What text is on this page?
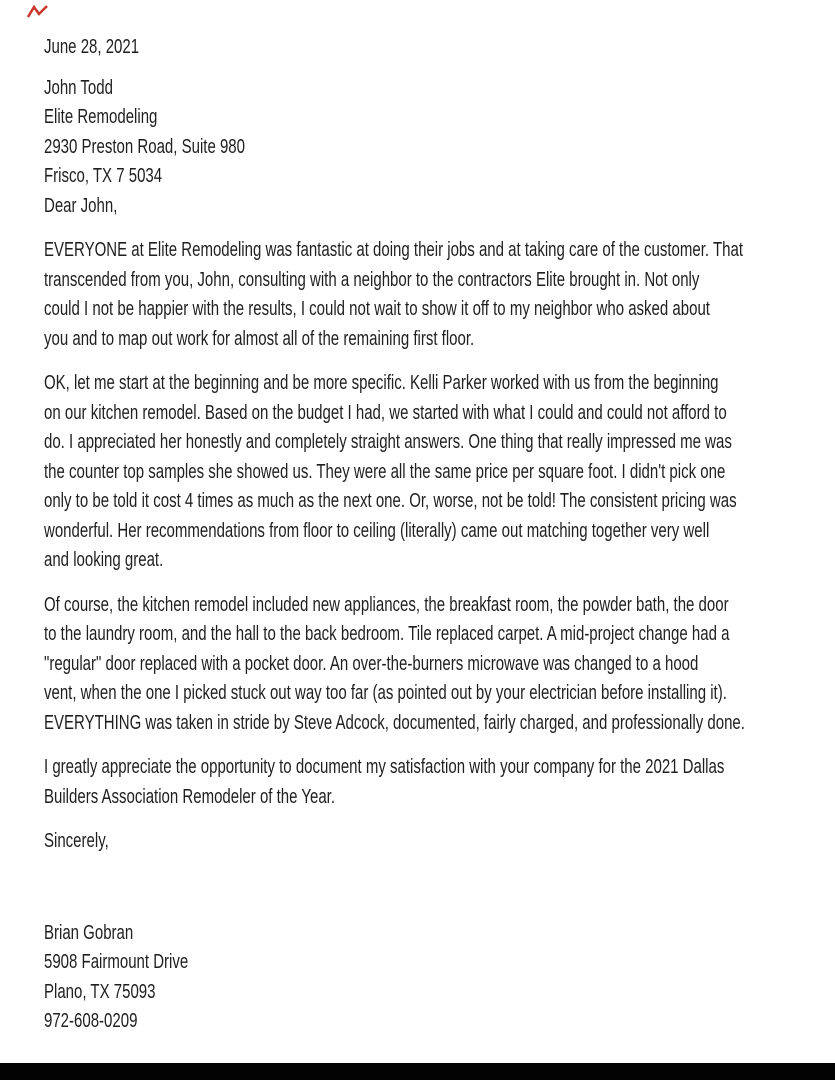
June 28, 2021
John Todd
Elite Remodeling
2930 Preston Road, Suite 980
Frisco, TX 7 5034
Dear John,
EVERYONE at Elite Remodeling was fantastic at doing their jobs and at taking care of the customer. That
transcended from you, John, consulting with a neighbor to the contractors Elite brought in. Not only
could I not be happier with the results, I could not wait to show it off to my neighbor who asked about
you and to map out work for almost all of the remaining first floor.
OK, let me start at the beginning and be more specific. Kelli Parker worked with us from the beginning
on our kitchen remodel. Based on the budget I had, we started with what I could and could not afford to
do. I appreciated her honestly and completely straight answers. One thing that really impressed me was
the counter top samples she showed us. They were all the same price per square foot. I didn't pick one
only to be told it cost 4 times as much as the next one. Or, worse, not be told! The consistent pricing was
wonderful. Her recommendations from floor to ceiling (literally) came out matching together very well
and looking great.
Of course, the kitchen remodel included new appliances, the breakfast room, the powder bath, the door
to the laundry room, and the hall to the back bedroom. Tile replaced carpet. A mid-project change had a
"regular" door replaced with a pocket door. An over-the-burners microwave was changed to a hood
vent, when the one I picked stuck out way too far (as pointed out by your electrician before installing it).
EVERYTHING was taken in stride by Steve Adcock, documented, fairly charged, and professionally done.
I greatly appreciate the opportunity to document my satisfaction with your company for the 2021 Dallas
Builders Association Remodeler of the Year.
Sincerely,
Brian Gobran
5908 Fairmount Drive
Plano, TX 75093
972-608-0209
